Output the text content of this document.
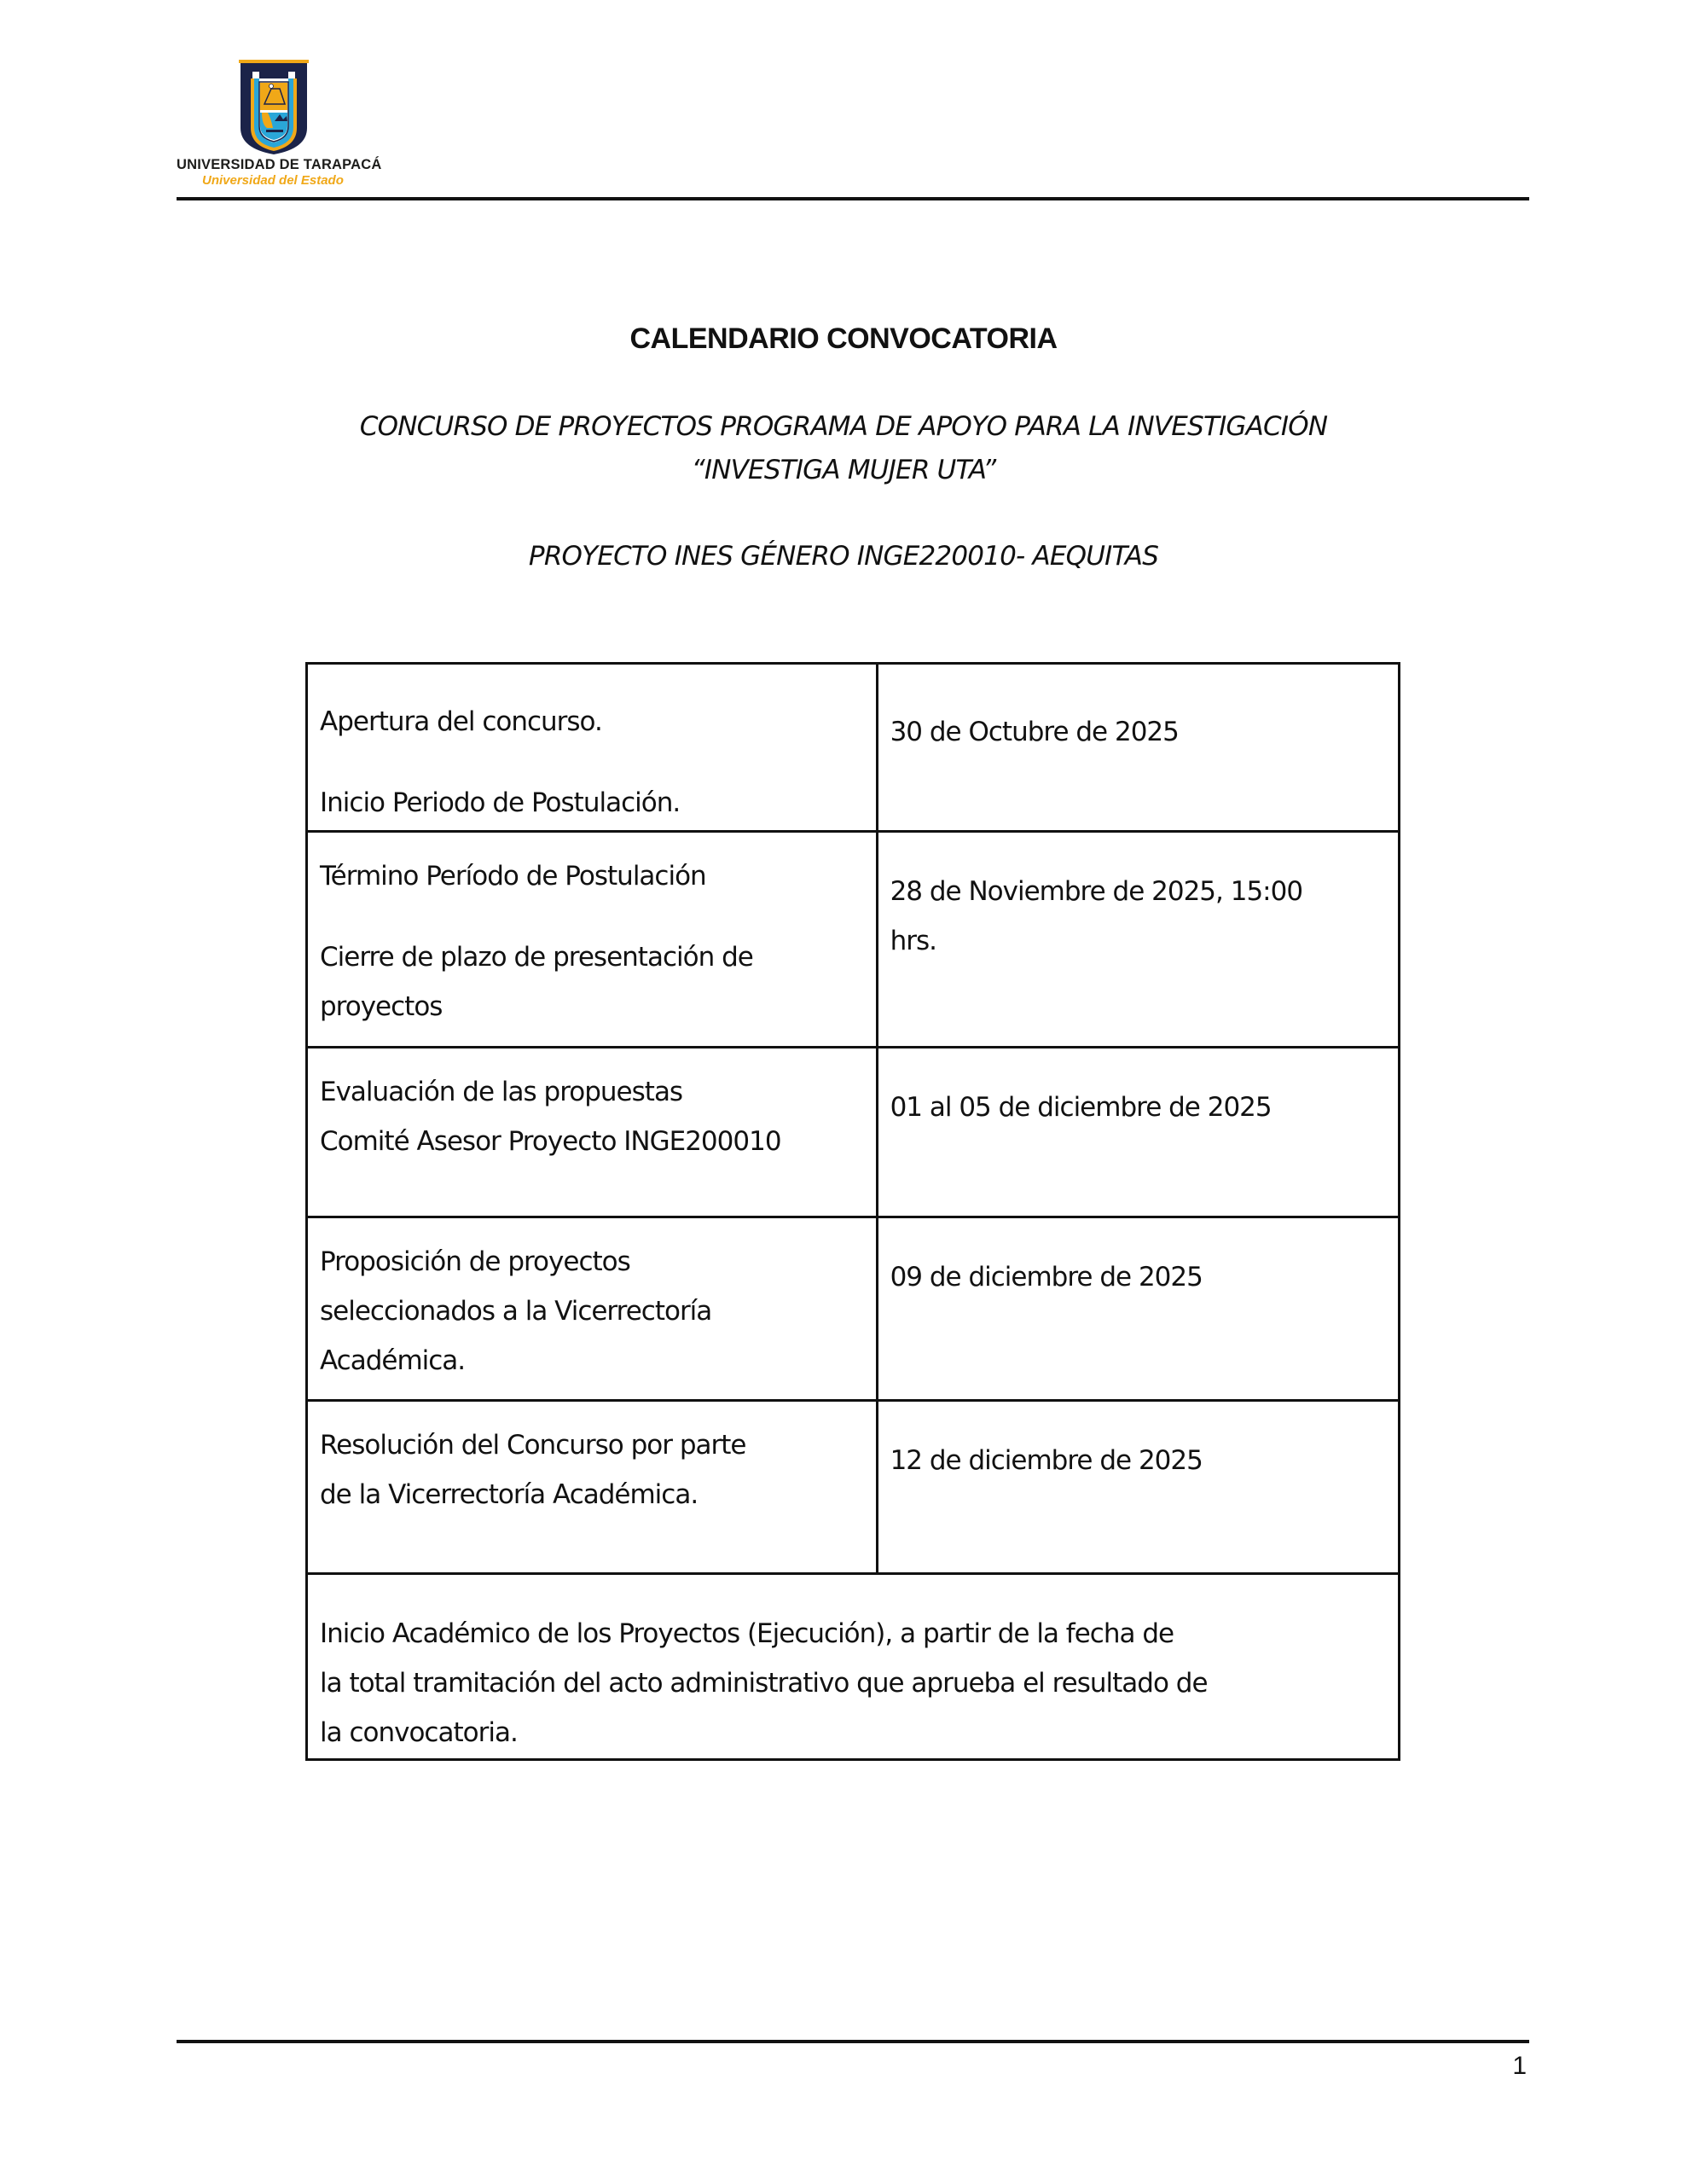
UNIVERSIDAD DE TARAPACÁ
Universidad del Estado
CALENDARIO CONVOCATORIA
CONCURSO DE PROYECTOS PROGRAMA DE APOYO PARA LA INVESTIGACIÓN
“INVESTIGA MUJER UTA”
PROYECTO INES GÉNERO INGE220010- AEQUITAS
Apertura del concurso.
Inicio Periodo de Postulación.	30 de Octubre de 2025

Término Período de Postulación
Cierre de plazo de presentación de
proyectos	28 de Noviembre de 2025, 15:00
hrs.

Evaluación de las propuestas
Comité Asesor Proyecto INGE200010	01 al 05 de diciembre de 2025

Proposición de proyectos
seleccionados a la Vicerrectoría
Académica.	09 de diciembre de 2025

Resolución del Concurso por parte
de la Vicerrectoría Académica.	12 de diciembre de 2025

Inicio Académico de los Proyectos (Ejecución), a partir de la fecha de
la total tramitación del acto administrativo que aprueba el resultado de
la convocatoria.	
1
